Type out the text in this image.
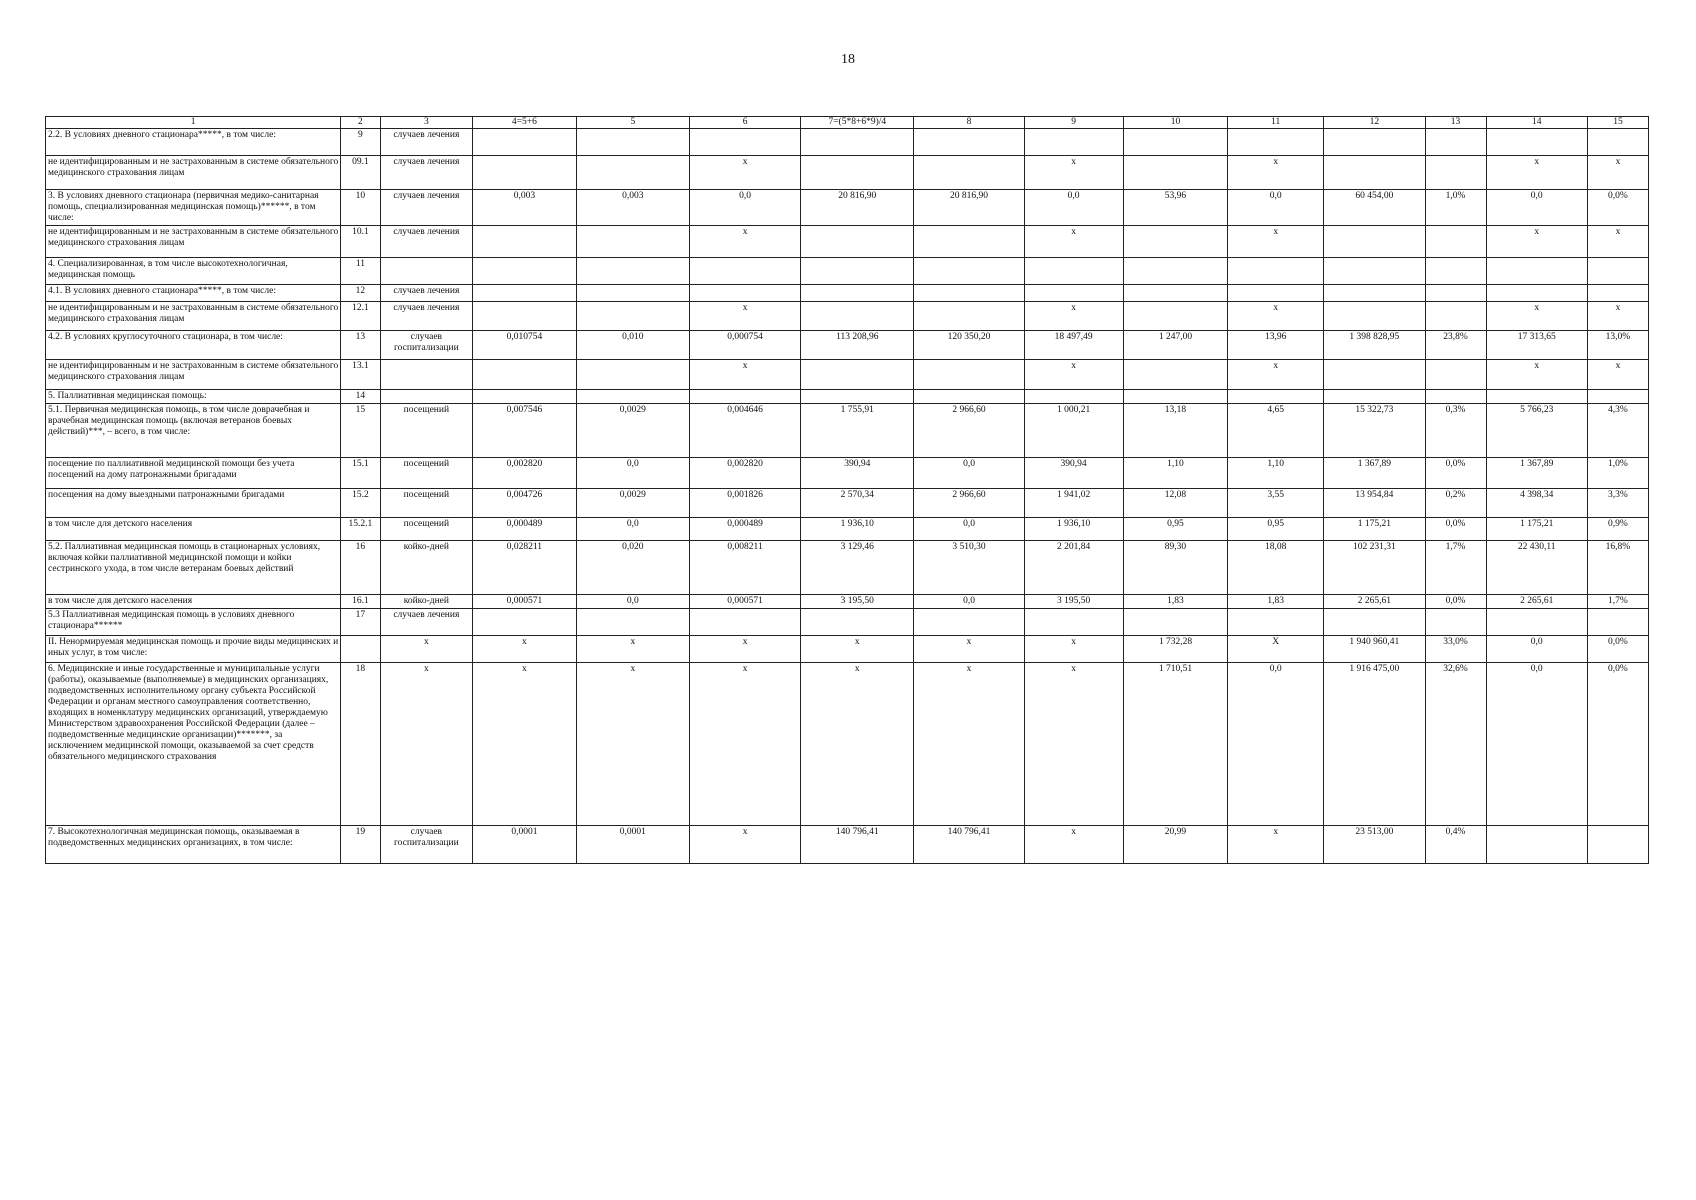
18
1	2	3	4=5+6	5	6	7=(5*8+6*9)/4	8	9	10	11	12	13	14	15
2.2. В условиях дневного стационара*****, в том числе:	9	случаев лечения												
не идентифицированным и не застрахованным в системе обязательного медицинского страхования лицам	09.1	случаев лечения			x			x		x			x	x
3. В условиях дневного стационара (первичная медико-санитарная помощь, специализированная медицинская помощь)******, в том числе:	10	случаев лечения	0,003	0,003	0,0	20 816,90	20 816,90	0,0	53,96	0,0	60 454,00	1,0%	0,0	0,0%
не идентифицированным и не застрахованным в системе обязательного медицинского страхования лицам	10.1	случаев лечения			x			x		x			x	x
4. Специализированная, в том числе высокотехнологичная, медицинская помощь	11													
4.1. В условиях дневного стационара*****, в том числе:	12	случаев лечения												
не идентифицированным и не застрахованным в системе обязательного медицинского страхования лицам	12.1	случаев лечения			x			x		x			x	x
4.2. В условиях круглосуточного стационара, в том числе:	13	случаев госпитализации	0,010754	0,010	0,000754	113 208,96	120 350,20	18 497,49	1 247,00	13,96	1 398 828,95	23,8%	17 313,65	13,0%
не идентифицированным и не застрахованным в системе обязательного медицинского страхования лицам	13.1				x			x		x			x	x
5. Паллиативная медицинская помощь:	14													
5.1. Первичная медицинская помощь, в том числе доврачебная и врачебная медицинская помощь (включая ветеранов боевых действий)***, – всего, в том числе:	15	посещений	0,007546	0,0029	0,004646	1 755,91	2 966,60	1 000,21	13,18	4,65	15 322,73	0,3%	5 766,23	4,3%
посещение по паллиативной медицинской помощи без учета посещений на дому патронажными бригадами	15.1	посещений	0,002820	0,0	0,002820	390,94	0,0	390,94	1,10	1,10	1 367,89	0,0%	1 367,89	1,0%
посещения на дому выездными патронажными бригадами	15.2	посещений	0,004726	0,0029	0,001826	2 570,34	2 966,60	1 941,02	12,08	3,55	13 954,84	0,2%	4 398,34	3,3%
в том числе для детского населения	15.2.1	посещений	0,000489	0,0	0,000489	1 936,10	0,0	1 936,10	0,95	0,95	1 175,21	0,0%	1 175,21	0,9%
5.2. Паллиативная медицинская помощь в стационарных условиях, включая койки паллиативной медицинской помощи и койки сестринского ухода, в том числе ветеранам боевых действий	16	койко-дней	0,028211	0,020	0,008211	3 129,46	3 510,30	2 201,84	89,30	18,08	102 231,31	1,7%	22 430,11	16,8%
в том числе для детского населения	16.1	койко-дней	0,000571	0,0	0,000571	3 195,50	0,0	3 195,50	1,83	1,83	2 265,61	0,0%	2 265,61	1,7%
5.3 Паллиативная медицинская помощь в условиях дневного стационара******	17	случаев лечения												
II. Ненормируемая медицинская помощь и прочие виды медицинских и иных услуг, в том числе:		x	x	x	x	x	x	x	1 732,28	X	1 940 960,41	33,0%	0,0	0,0%
6. Медицинские и иные государственные и муниципальные услуги (работы), оказываемые (выполняемые) в медицинских организациях, подведомственных исполнительному органу субъекта Российской Федерации и органам местного самоуправления соответственно, входящих в номенклатуру медицинских организаций, утверждаемую Министерством здравоохранения Российской Федерации (далее – подведомственные медицинские организации)*******, за исключением медицинской помощи, оказываемой за счет средств обязательного медицинского страхования	18	x	x	x	x	x	x	x	1 710,51	0,0	1 916 475,00	32,6%	0,0	0,0%
7. Высокотехнологичная медицинская помощь, оказываемая в подведомственных медицинских организациях, в том числе:	19	случаев госпитализации	0,0001	0,0001	x	140 796,41	140 796,41	x	20,99	x	23 513,00	0,4%		
